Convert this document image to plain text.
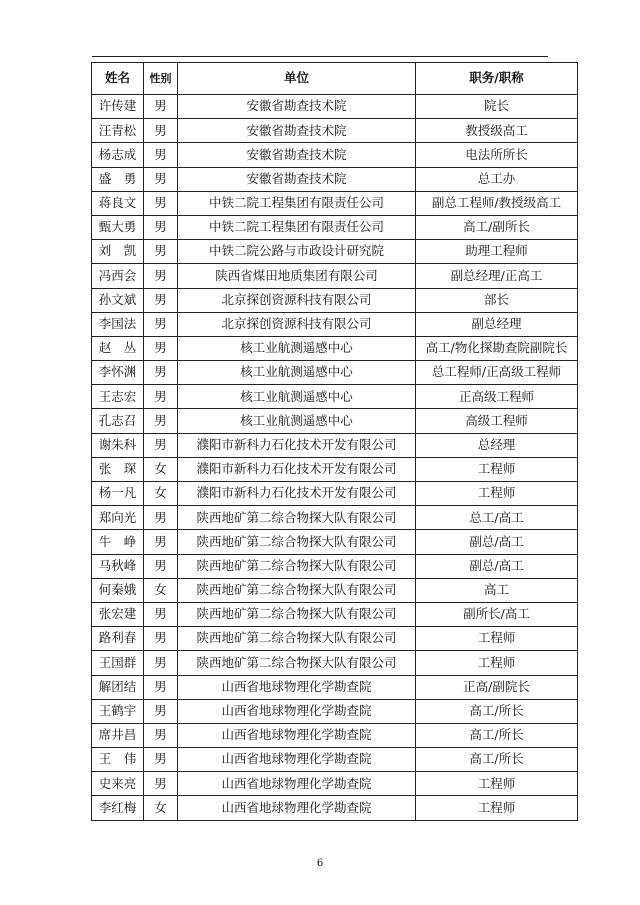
姓名	性别	单位	职务/职称
许传建	男	安徽省勘查技术院	院长
汪青松	男	安徽省勘查技术院	教授级高工
杨志成	男	安徽省勘查技术院	电法所所长
盛　勇	男	安徽省勘查技术院	总工办
蒋良文	男	中铁二院工程集团有限责任公司	副总工程师/教授级高工
甄大勇	男	中铁二院工程集团有限责任公司	高工/副所长
刘　凯	男	中铁二院公路与市政设计研究院	助理工程师
冯西会	男	陕西省煤田地质集团有限公司	副总经理/正高工
孙文斌	男	北京探创资源科技有限公司	部长
李国法	男	北京探创资源科技有限公司	副总经理
赵　丛	男	核工业航测遥感中心	高工/物化探勘查院副院长
李怀渊	男	核工业航测遥感中心	总工程师/正高级工程师
王志宏	男	核工业航测遥感中心	正高级工程师
孔志召	男	核工业航测遥感中心	高级工程师
谢朱科	男	濮阳市新科力石化技术开发有限公司	总经理
张　琛	女	濮阳市新科力石化技术开发有限公司	工程师
杨一凡	女	濮阳市新科力石化技术开发有限公司	工程师
郑向光	男	陕西地矿第二综合物探大队有限公司	总工/高工
牛　峥	男	陕西地矿第二综合物探大队有限公司	副总/高工
马秋峰	男	陕西地矿第二综合物探大队有限公司	副总/高工
何秦娥	女	陕西地矿第二综合物探大队有限公司	高工
张宏建	男	陕西地矿第二综合物探大队有限公司	副所长/高工
路利春	男	陕西地矿第二综合物探大队有限公司	工程师
王国群	男	陕西地矿第二综合物探大队有限公司	工程师
解团结	男	山西省地球物理化学勘查院	正高/副院长
王鹤宇	男	山西省地球物理化学勘查院	高工/所长
席井昌	男	山西省地球物理化学勘查院	高工/所长
王　伟	男	山西省地球物理化学勘查院	高工/所长
史来亮	男	山西省地球物理化学勘查院	工程师
李红梅	女	山西省地球物理化学勘查院	工程师
6
